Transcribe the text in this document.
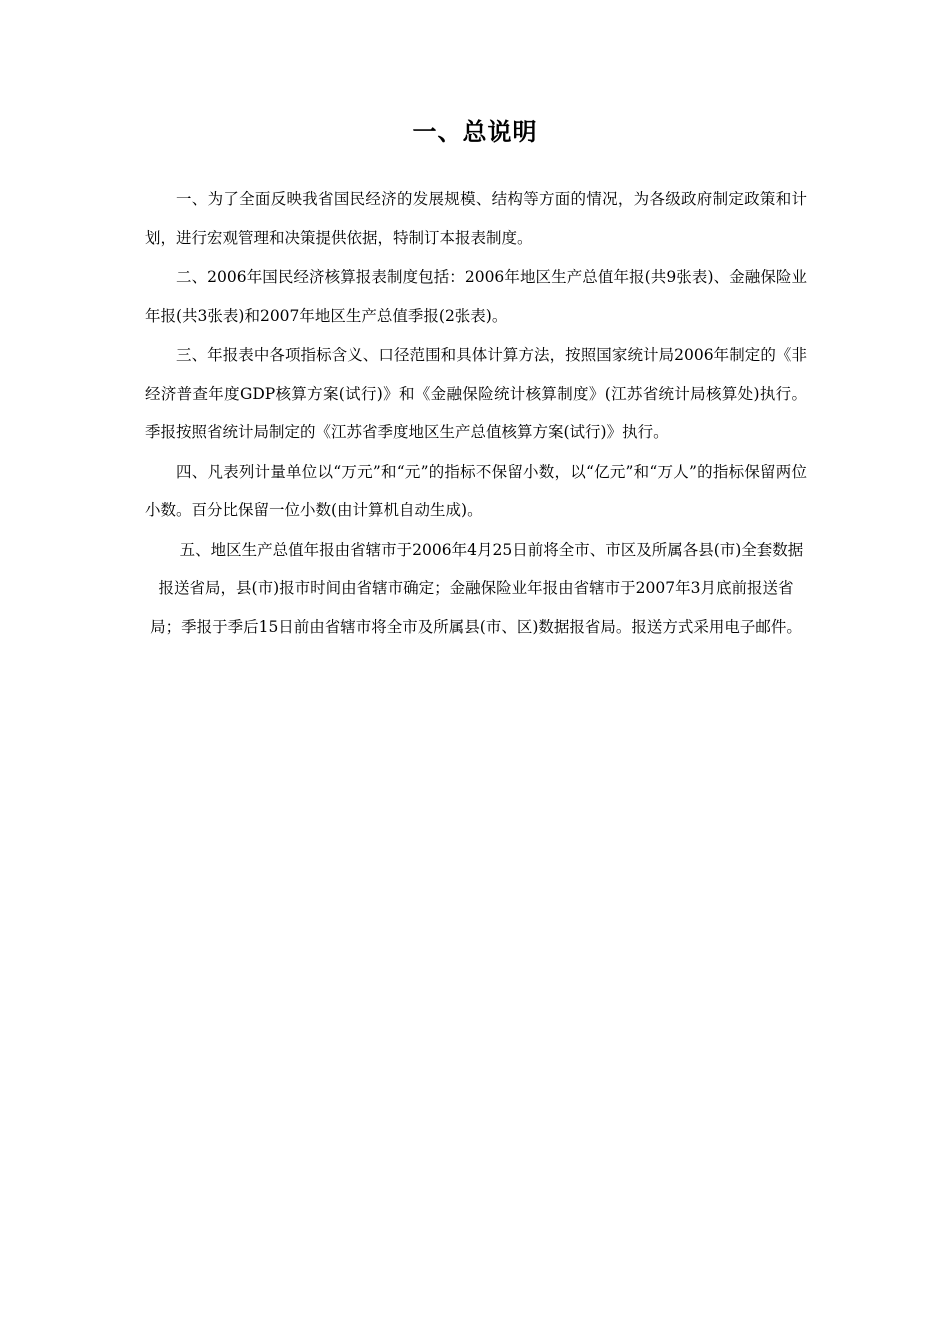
一、总说明

一、为了全面反映我省国民经济的发展规模、结构等方面的情况，为各级政府制定政策和计划，进行宏观管理和决策提供依据，特制订本报表制度。

二、2006年国民经济核算报表制度包括：2006年地区生产总值年报(共9张表)、金融保险业年报(共3张表)和2007年地区生产总值季报(2张表)。

三、年报表中各项指标含义、口径范围和具体计算方法，按照国家统计局2006年制定的《非经济普查年度GDP核算方案(试行)》和《金融保险统计核算制度》(江苏省统计局核算处)执行。季报按照省统计局制定的《江苏省季度地区生产总值核算方案(试行)》执行。

四、凡表列计量单位以“万元”和“元”的指标不保留小数，以“亿元”和“万人”的指标保留两位小数。百分比保留一位小数(由计算机自动生成)。

五、地区生产总值年报由省辖市于2006年4月25日前将全市、市区及所属各县(市)全套数据报送省局，县(市)报市时间由省辖市确定；金融保险业年报由省辖市于2007年3月底前报送省局；季报于季后15日前由省辖市将全市及所属县(市、区)数据报省局。报送方式采用电子邮件。
